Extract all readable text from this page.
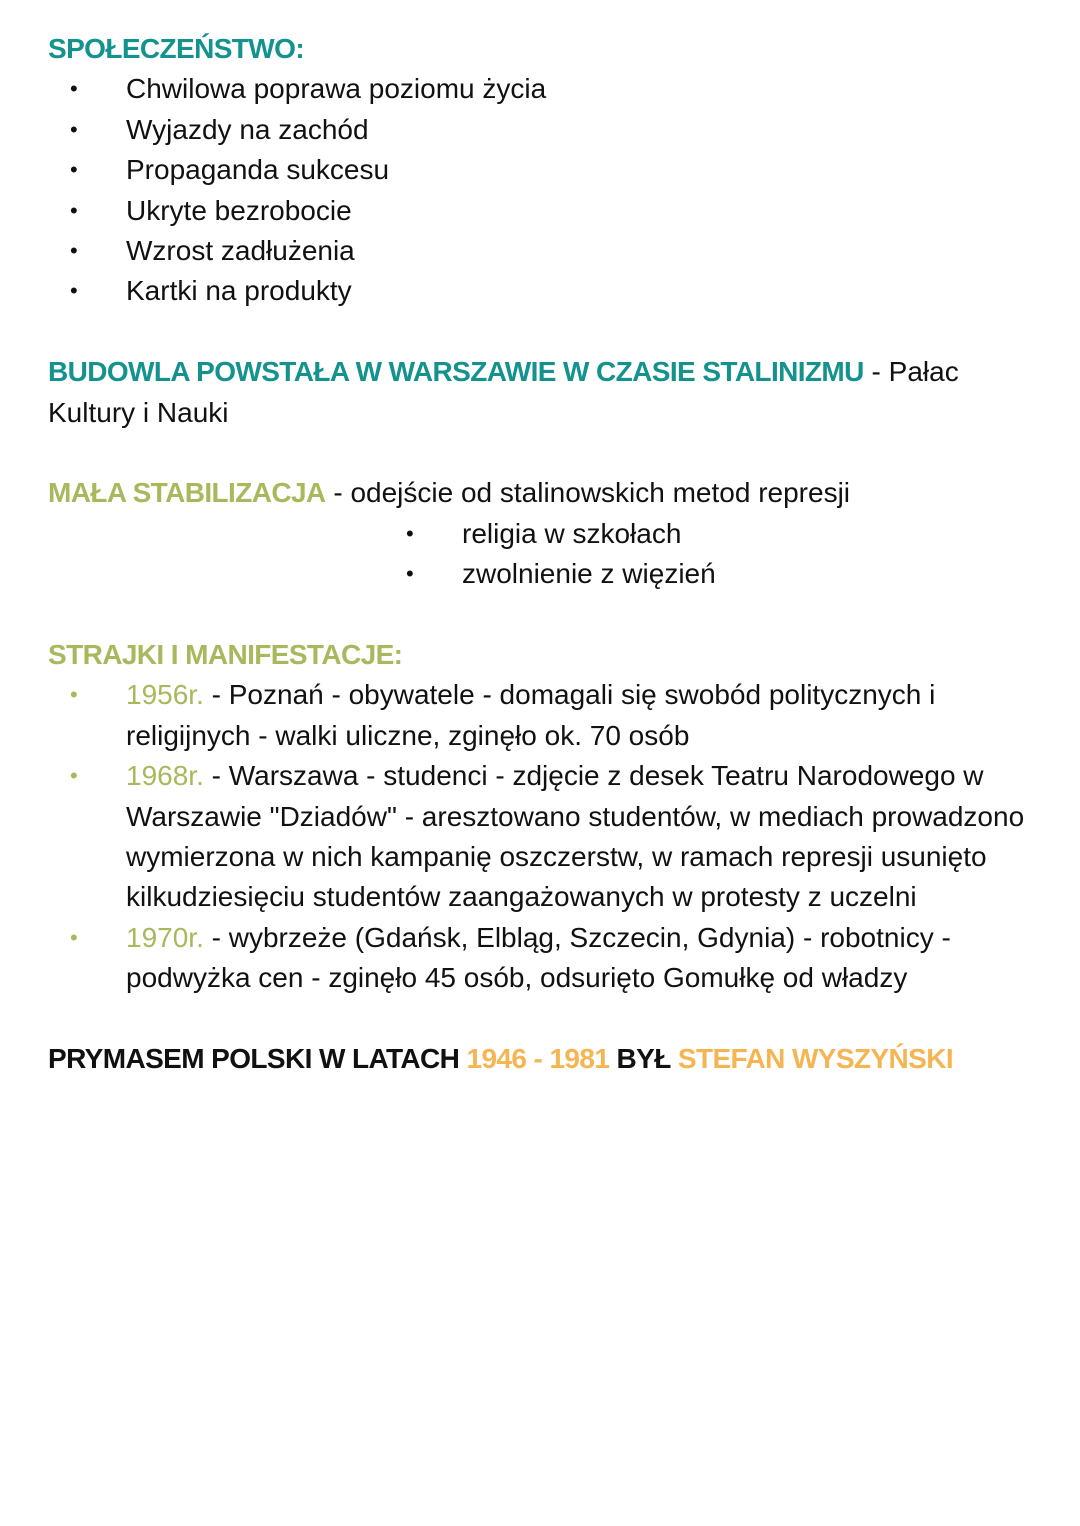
SPOŁECZEŃSTWO:
• Chwilowa poprawa poziomu życia
• Wyjazdy na zachód
• Propaganda sukcesu
• Ukryte bezrobocie
• Wzrost zadłużenia
• Kartki na produkty
BUDOWLA POWSTAŁA W WARSZAWIE W CZASIE STALINIZMU - Pałac Kultury i Nauki
MAŁA STABILIZACJA - odejście od stalinowskich metod represji
• religia w szkołach
• zwolnienie z więzień
STRAJKI I MANIFESTACJE:
• 1956r. - Poznań - obywatele - domagali się swobód politycznych i religijnych - walki uliczne, zginęło ok. 70 osób
• 1968r. - Warszawa - studenci - zdjęcie z desek Teatru Narodowego w Warszawie "Dziadów" - aresztowano studentów, w mediach prowadzono wymierzona w nich kampanię oszczerstw, w ramach represji usunięto kilkudziesięciu studentów zaangażowanych w protesty z uczelni
• 1970r. - wybrzeże (Gdańsk, Elbląg, Szczecin, Gdynia) - robotnicy - podwyżka cen - zginęło 45 osób, odsurięto Gomułkę od władzy
PRYMASEM POLSKI W LATACH 1946 - 1981 BYŁ STEFAN WYSZYŃSKI
